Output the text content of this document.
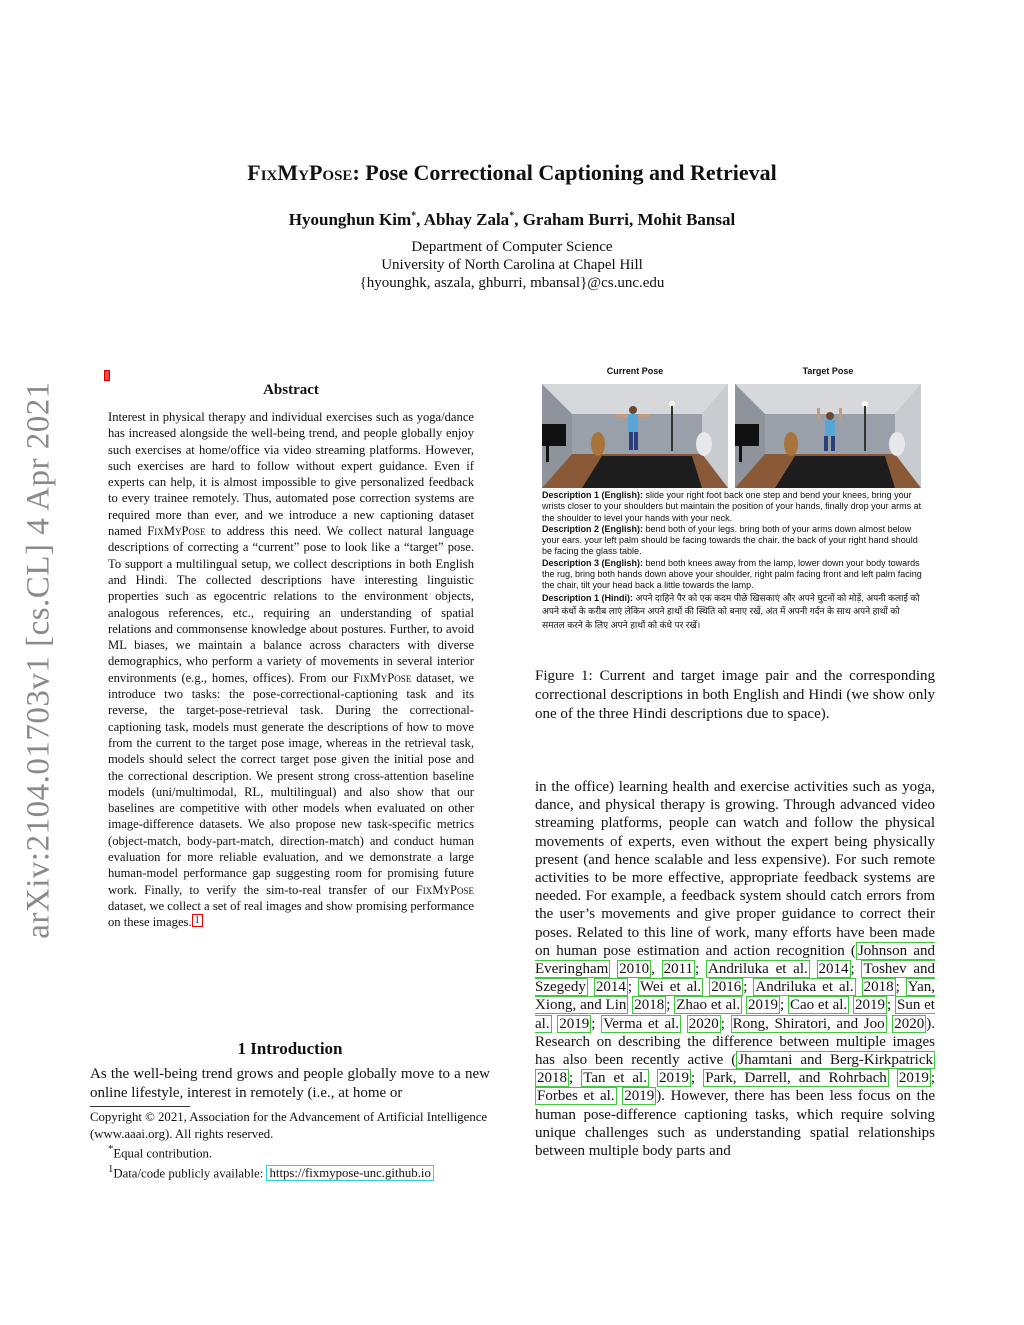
arXiv:2104.01703v1 [cs.CL] 4 Apr 2021
FixMyPose: Pose Correctional Captioning and Retrieval
Hyounghun Kim*, Abhay Zala*, Graham Burri, Mohit Bansal
Department of Computer Science
University of North Carolina at Chapel Hill
{hyounghk, aszala, ghburri, mbansal}@cs.unc.edu
Abstract

Interest in physical therapy and individual exercises such as yoga/dance has increased alongside the well-being trend, and people globally enjoy such exercises at home/office via video streaming platforms. However, such exercises are hard to follow without expert guidance. Even if experts can help, it is almost impossible to give personalized feedback to every trainee remotely. Thus, automated pose correction systems are required more than ever, and we introduce a new captioning dataset named FixMyPose to address this need. We collect natural language descriptions of correcting a “current” pose to look like a “target” pose. To support a multilingual setup, we collect descriptions in both English and Hindi. The collected descriptions have interesting linguistic properties such as egocentric relations to the environment objects, analogous references, etc., requiring an understanding of spatial relations and commonsense knowledge about postures. Further, to avoid ML biases, we maintain a balance across characters with diverse demographics, who perform a variety of movements in several interior environments (e.g., homes, offices). From our FixMyPose dataset, we introduce two tasks: the pose-correctional-captioning task and its reverse, the target-pose-retrieval task. During the correctional-captioning task, models must generate the descriptions of how to move from the current to the target pose image, whereas in the retrieval task, models should select the correct target pose given the initial pose and the correctional description. We present strong cross-attention baseline models (uni/multimodal, RL, multilingual) and also show that our baselines are competitive with other models when evaluated on other image-difference datasets. We also propose new task-specific metrics (object-match, body-part-match, direction-match) and conduct human evaluation for more reliable evaluation, and we demonstrate a large human-model performance gap suggesting room for promising future work. Finally, to verify the sim-to-real transfer of our FixMyPose dataset, we collect a set of real images and show promising performance on these images. $^1$

1 Introduction

As the well-being trend grows and people globally move to a new online lifestyle, interest in remotely (i.e., at home or

Copyright © 2021, Association for the Advancement of Artificial Intelligence (www.aaai.org). All rights reserved.

*Equal contribution.

$^1$Data/code publicly available: https://fixmypose-unc.github.io

Current Pose	Target Pose

Description 1 (English): slide your right foot back one step and bend your knees, bring your wrists closer to your shoulders but maintain the position of your hands, finally drop your arms at the shoulder to level your hands with your neck.

Description 2 (English): bend both of your legs. bring both of your arms down almost below your ears. your left palm should be facing towards the chair. the back of your right hand should be facing the glass table.

Description 3 (English): bend both knees away from the lamp, lower down your body towards the rug, bring both hands down above your shoulder, right palm facing front and left palm facing the chair, tilt your head back a little towards the lamp.

Description 1 (Hindi): अपने दाहिने पैर को एक कदम पीछे खिसकाएं और अपने घुटनों को मोड़ें, अपनी कलाई को अपने कंधों के करीब लाएं लेकिन अपने हाथों की स्थिति को बनाए रखें, अंत में अपनी गर्दन के साथ अपने हाथों को समतल करने के लिए अपने हाथों को कंधे पर रखें।

Figure 1: Current and target image pair and the corresponding correctional descriptions in both English and Hindi (we show only one of the three Hindi descriptions due to space).

in the office) learning health and exercise activities such as yoga, dance, and physical therapy is growing. Through advanced video streaming platforms, people can watch and follow the physical movements of experts, even without the expert being physically present (and hence scalable and less expensive). For such remote activities to be more effective, appropriate feedback systems are needed. For example, a feedback system should catch errors from the user’s movements and give proper guidance to correct their poses. Related to this line of work, many efforts have been made on human pose estimation and action recognition ( Johnson and Everingham 2010 , 2011 ; Andriluka et al. 2014 ; Toshev and Szegedy 2014 ; Wei et al. 2016 ; Andriluka et al. 2018 ; Yan, Xiong, and Lin 2018 ; Zhao et al. 2019 ; Cao et al. 2019 ; Sun et al. 2019 ; Verma et al. 2020 ; Rong, Shiratori, and Joo 2020 ). Research on describing the difference between multiple images has also been recently active ( Jhamtani and Berg-Kirkpatrick 2018 ; Tan et al. 2019 ; Park, Darrell, and Rohrbach 2019 ; Forbes et al. 2019 ). However, there has been less focus on the human pose-difference captioning tasks, which require solving unique challenges such as understanding spatial relationships between multiple body parts and
